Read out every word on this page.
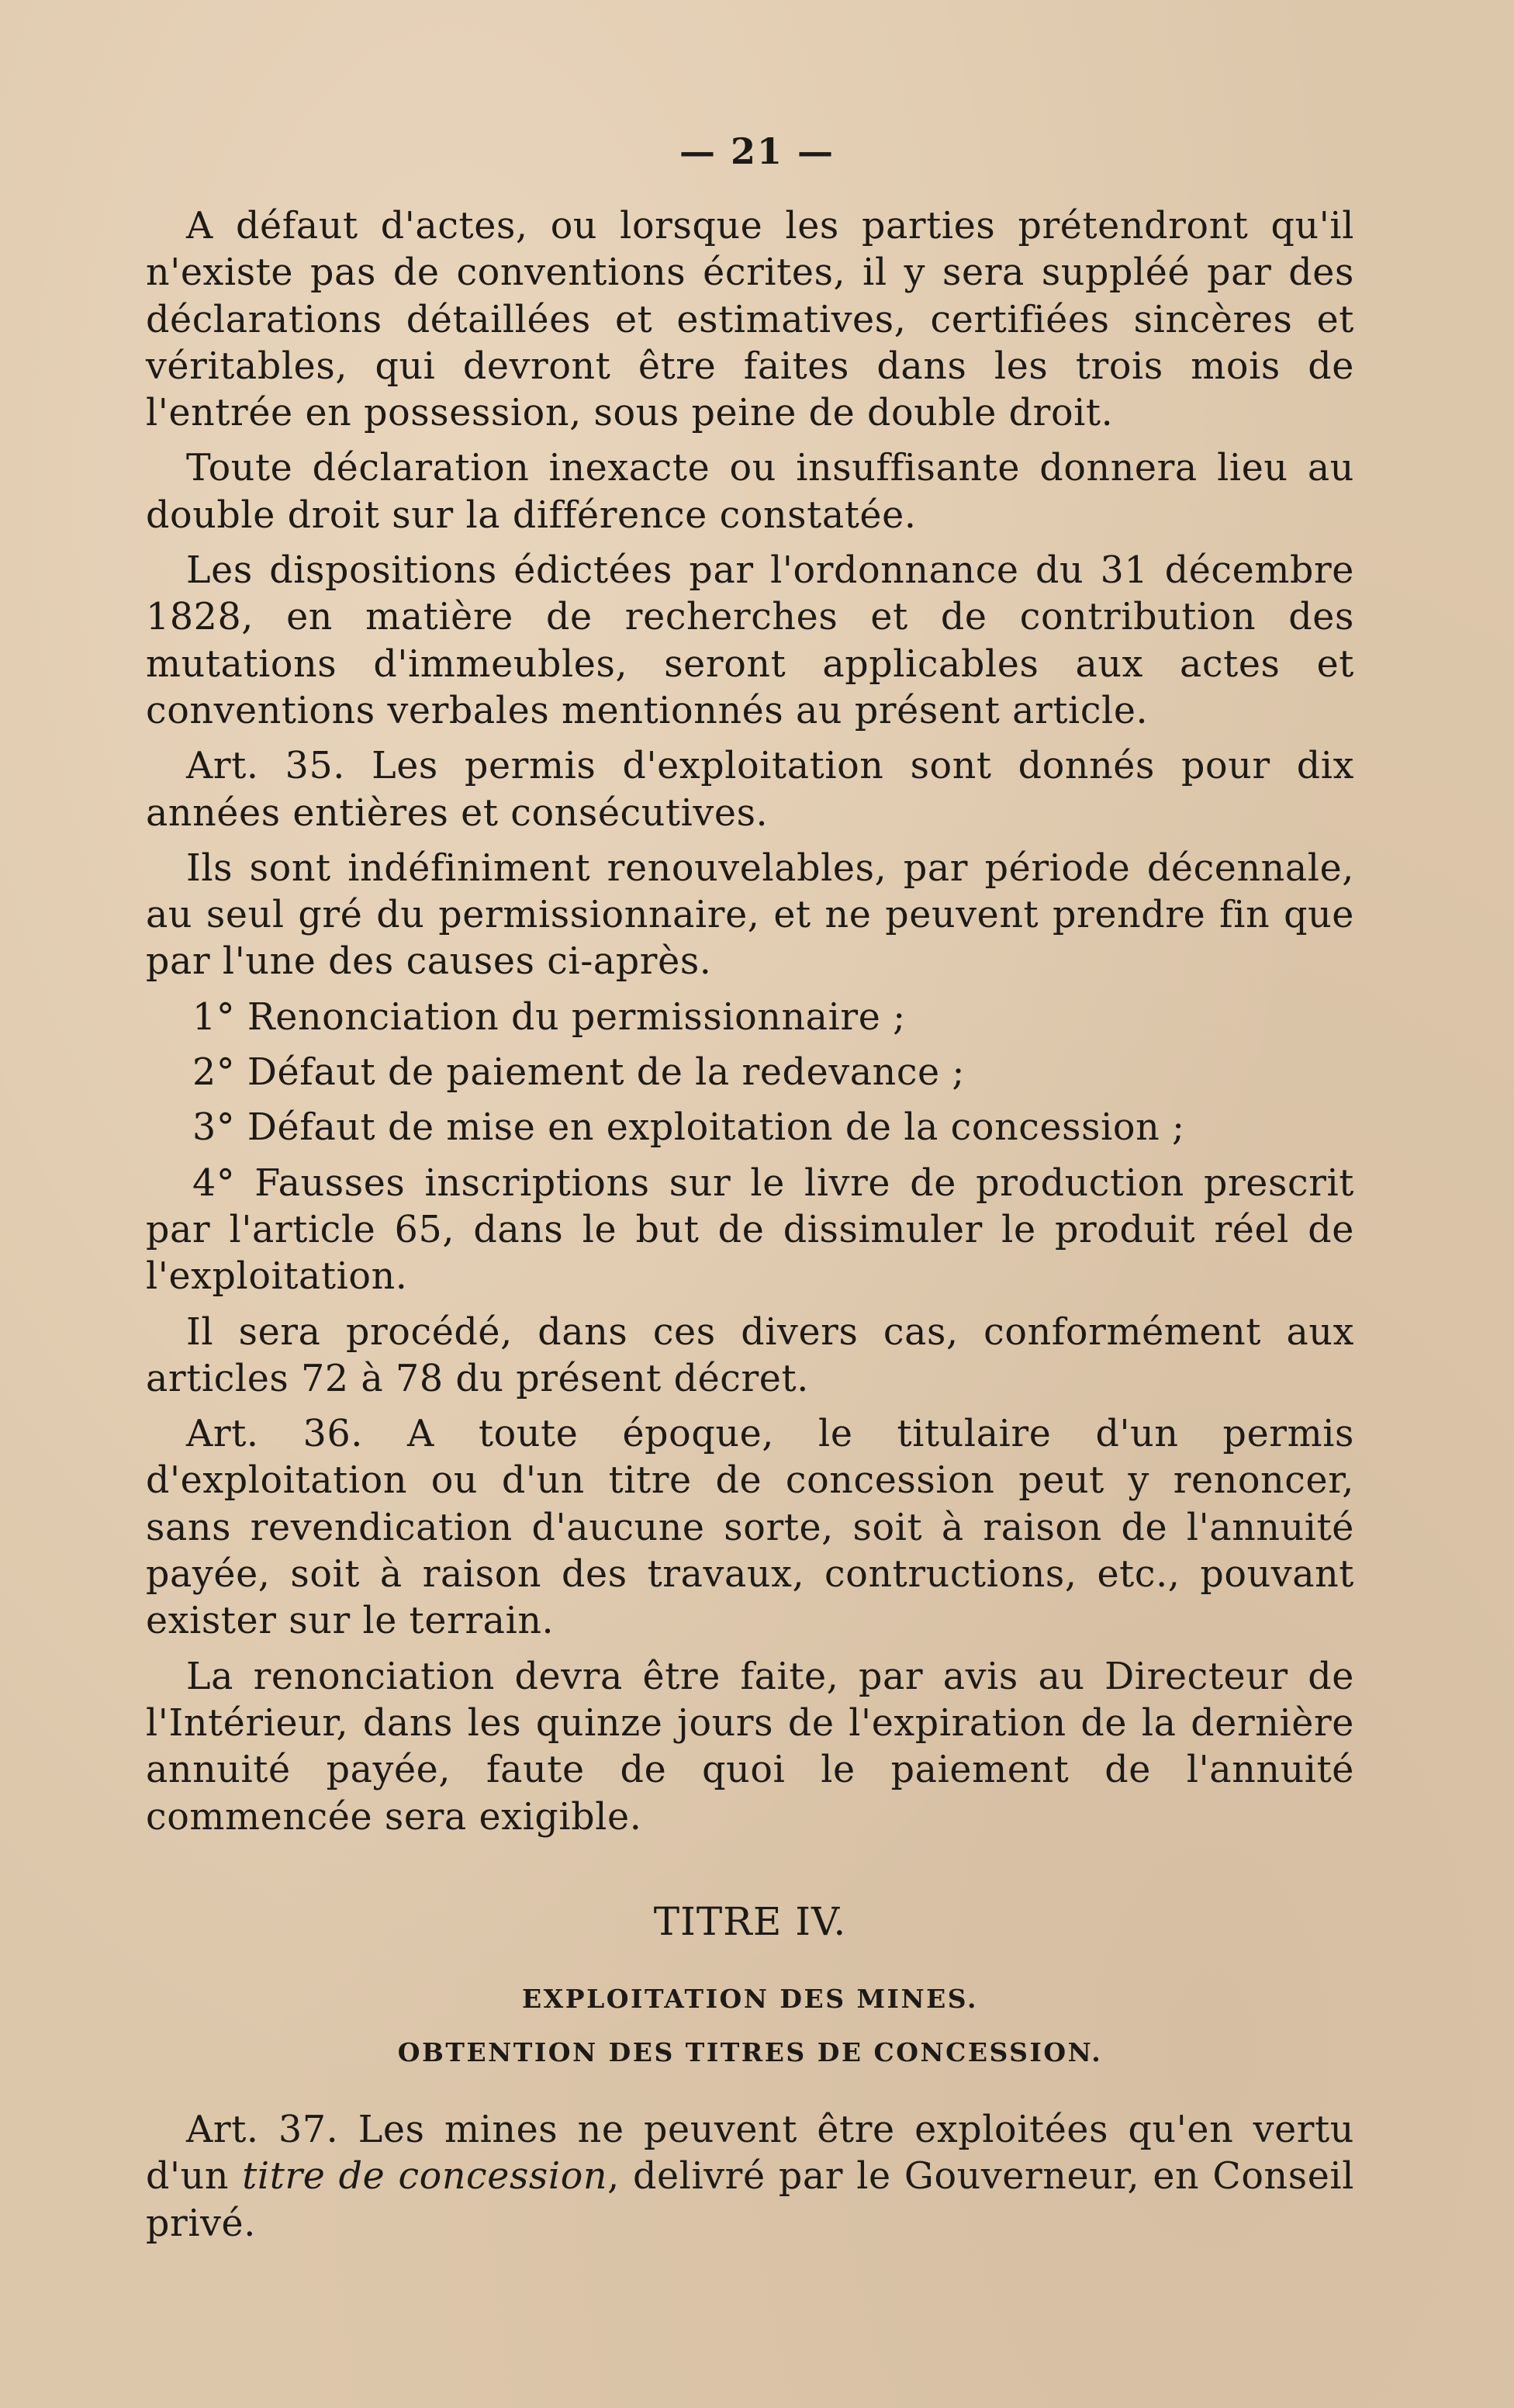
— 21 —

A défaut d'actes, ou lorsque les parties prétendront qu'il n'existe pas de conventions écrites, il y sera suppléé par des déclarations détaillées et estimatives, certifiées sincères et véritables, qui devront être faites dans les trois mois de l'entrée en possession, sous peine de double droit.

Toute déclaration inexacte ou insuffisante donnera lieu au double droit sur la différence constatée.

Les dispositions édictées par l'ordonnance du 31 décembre 1828, en matière de recherches et de contribution des mutations d'immeubles, seront applicables aux actes et conventions verbales mentionnés au présent article.

Art. 35. Les permis d'exploitation sont donnés pour dix années entières et consécutives.

Ils sont indéfiniment renouvelables, par période décennale, au seul gré du permissionnaire, et ne peuvent prendre fin que par l'une des causes ci-après.

1° Renonciation du permissionnaire ;

2° Défaut de paiement de la redevance ;

3° Défaut de mise en exploitation de la concession ;

4° Fausses inscriptions sur le livre de production prescrit par l'article 65, dans le but de dissimuler le produit réel de l'exploitation.

Il sera procédé, dans ces divers cas, conformément aux articles 72 à 78 du présent décret.

Art. 36. A toute époque, le titulaire d'un permis d'exploitation ou d'un titre de concession peut y renoncer, sans revendication d'aucune sorte, soit à raison de l'annuité payée, soit à raison des travaux, contructions, etc., pouvant exister sur le terrain.

La renonciation devra être faite, par avis au Directeur de l'Intérieur, dans les quinze jours de l'expiration de la dernière annuité payée, faute de quoi le paiement de l'annuité commencée sera exigible.

TITRE IV.
EXPLOITATION DES MINES.
OBTENTION DES TITRES DE CONCESSION.

Art. 37. Les mines ne peuvent être exploitées qu'en vertu d'un titre de concession, delivré par le Gouverneur, en Conseil privé.
